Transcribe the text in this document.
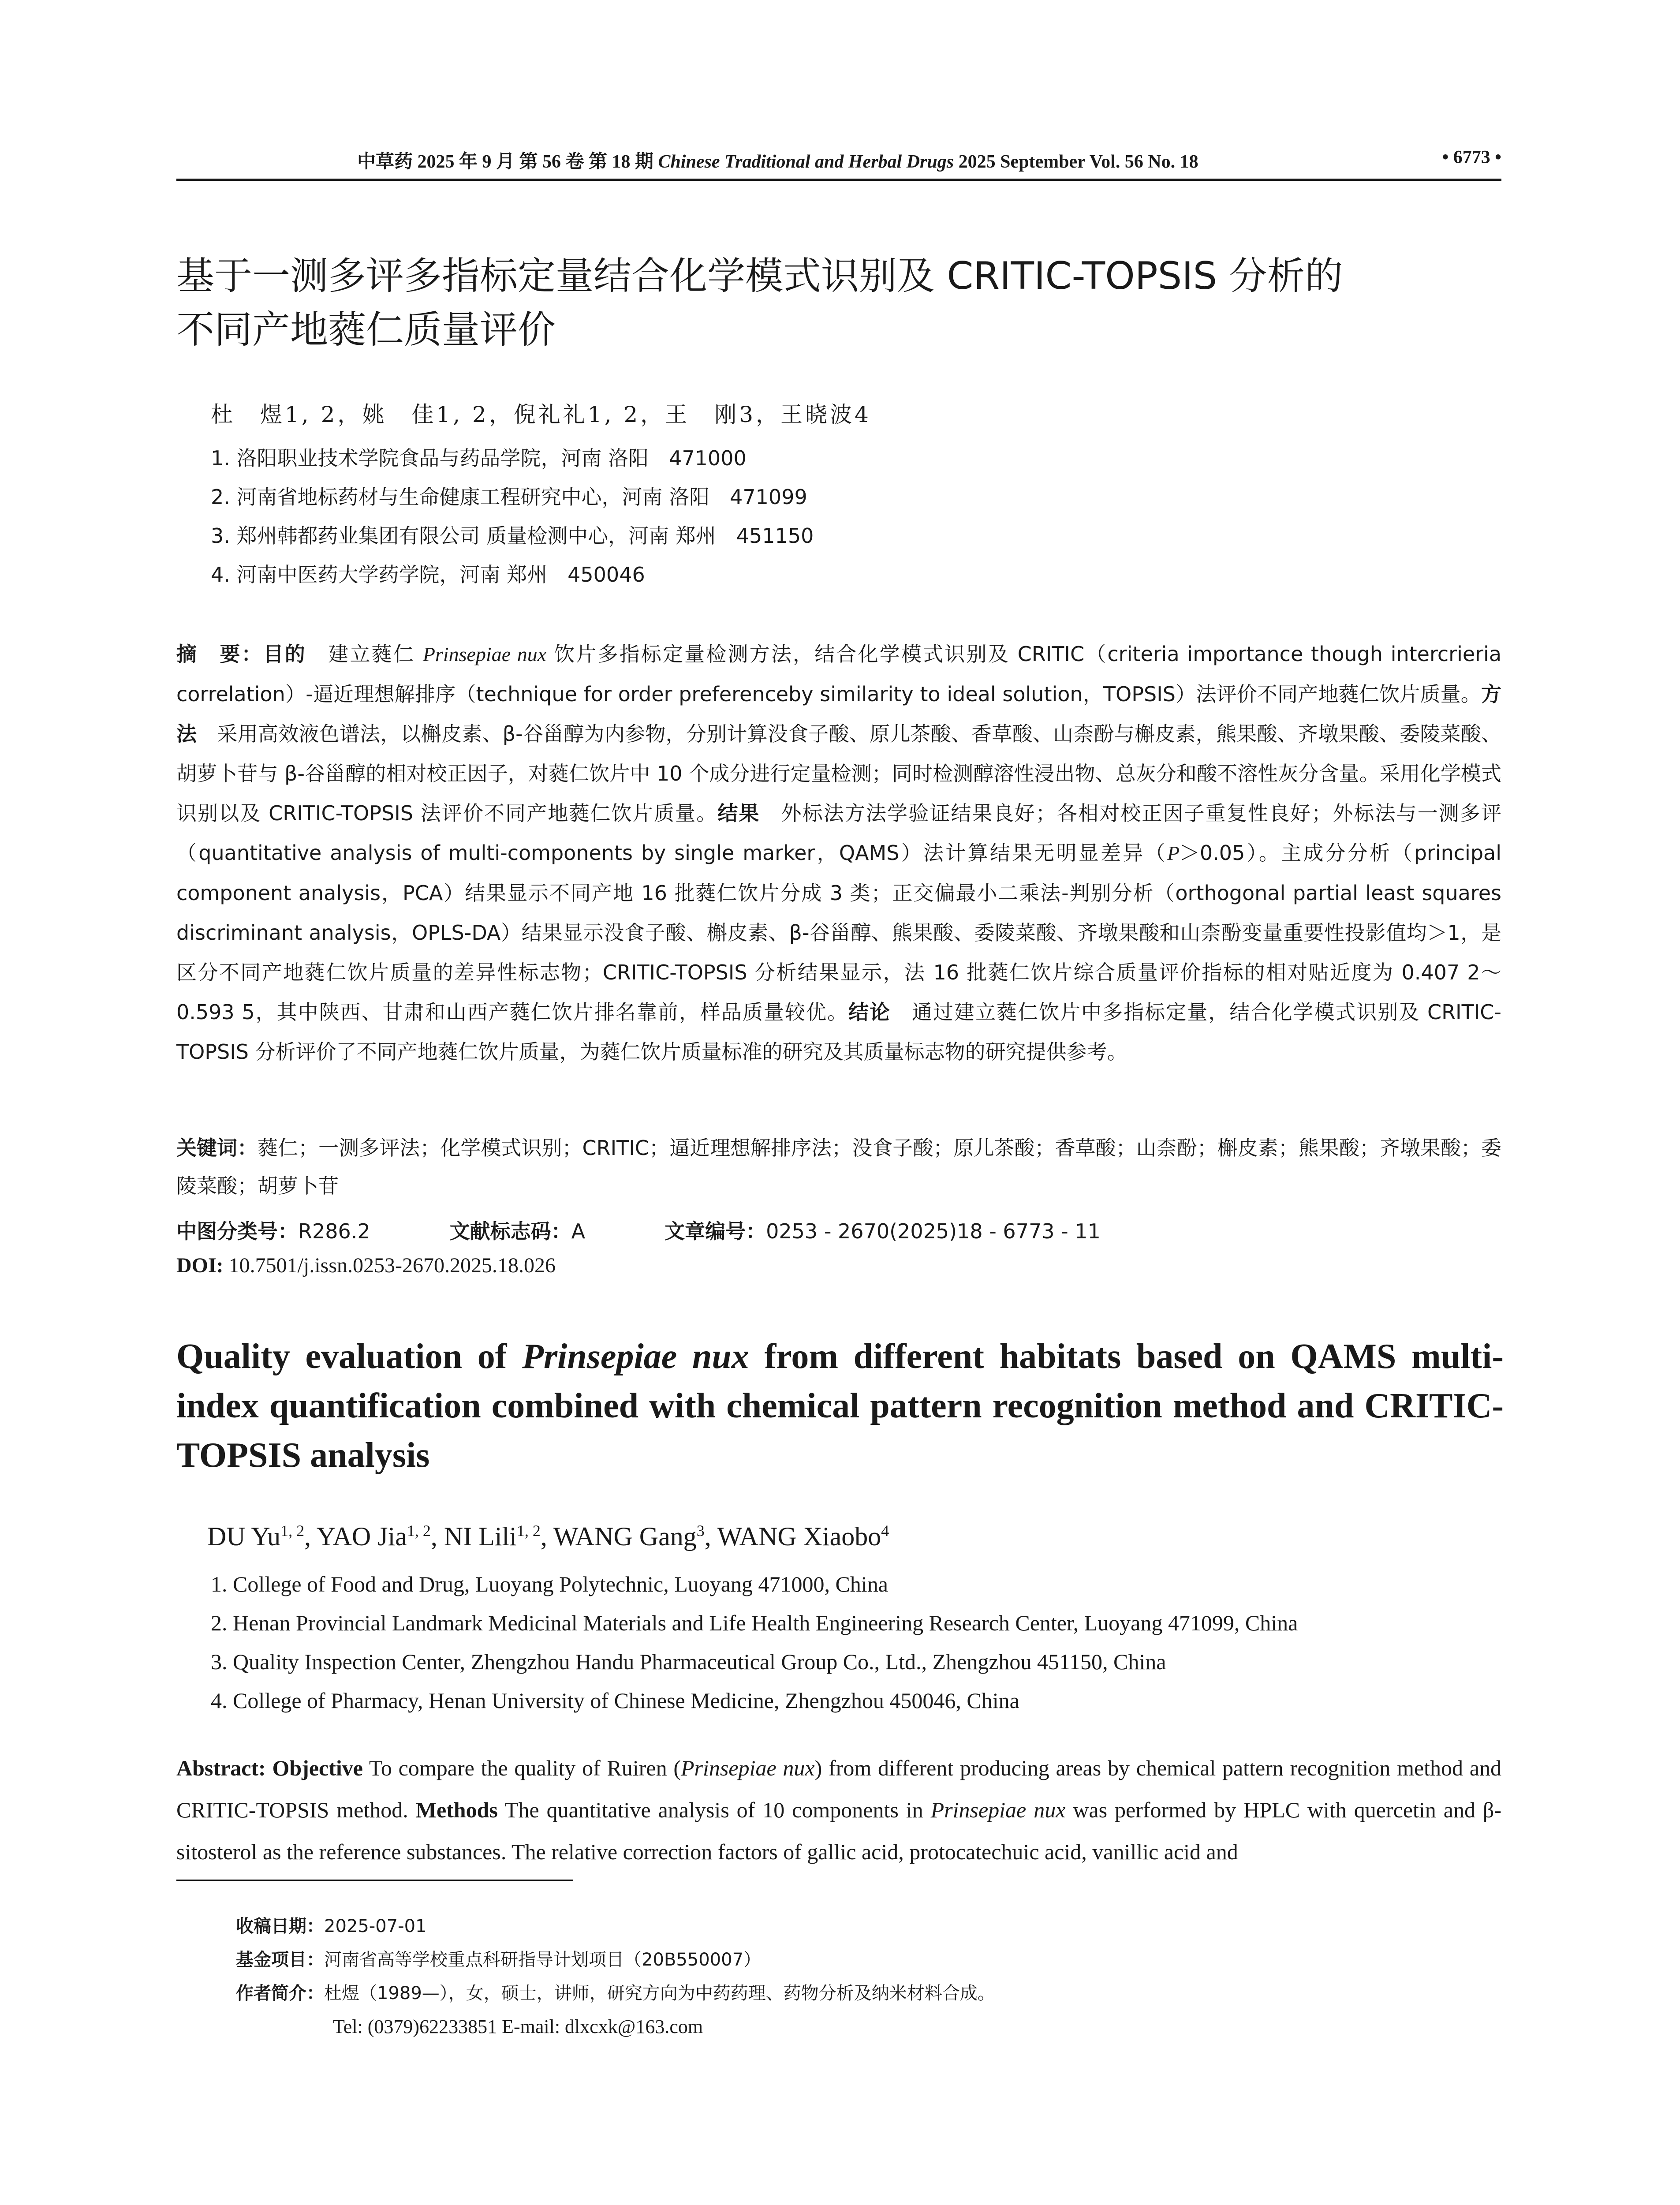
中草药 2025 年 9 月 第 56 卷 第 18 期 Chinese Traditional and Herbal Drugs 2025 September Vol. 56 No. 18	• 6773 •
基于一测多评多指标定量结合化学模式识别及 CRITIC-TOPSIS 分析的
不同产地蕤仁质量评价
杜　煜1, 2，姚　佳1, 2，倪礼礼1, 2，王　刚3，王晓波4
1. 洛阳职业技术学院食品与药品学院，河南 洛阳　471000
2. 河南省地标药材与生命健康工程研究中心，河南 洛阳　471099
3. 郑州韩都药业集团有限公司 质量检测中心，河南 郑州　451150
4. 河南中医药大学药学院，河南 郑州　450046
摘　要：目的　建立蕤仁 Prinsepiae nux 饮片多指标定量检测方法，结合化学模式识别及 CRITIC（criteria importance though intercrieria correlation）-逼近理想解排序（technique for order preferenceby similarity to ideal solution，TOPSIS）法评价不同产地蕤仁饮片质量。方法　采用高效液色谱法，以槲皮素、β-谷甾醇为内参物，分别计算没食子酸、原儿茶酸、香草酸、山柰酚与槲皮素，熊果酸、齐墩果酸、委陵菜酸、胡萝卜苷与 β-谷甾醇的相对校正因子，对蕤仁饮片中 10 个成分进行定量检测；同时检测醇溶性浸出物、总灰分和酸不溶性灰分含量。采用化学模式识别以及 CRITIC-TOPSIS 法评价不同产地蕤仁饮片质量。结果　外标法方法学验证结果良好；各相对校正因子重复性良好；外标法与一测多评（quantitative analysis of multi-components by single marker，QAMS）法计算结果无明显差异（P＞0.05）。主成分分析（principal component analysis，PCA）结果显示不同产地 16 批蕤仁饮片分成 3 类；正交偏最小二乘法-判别分析（orthogonal partial least squares discriminant analysis，OPLS-DA）结果显示没食子酸、槲皮素、β-谷甾醇、熊果酸、委陵菜酸、齐墩果酸和山柰酚变量重要性投影值均＞1，是区分不同产地蕤仁饮片质量的差异性标志物；CRITIC-TOPSIS 分析结果显示，法 16 批蕤仁饮片综合质量评价指标的相对贴近度为 0.407 2～0.593 5，其中陕西、甘肃和山西产蕤仁饮片排名靠前，样品质量较优。结论　通过建立蕤仁饮片中多指标定量，结合化学模式识别及 CRITIC-TOPSIS 分析评价了不同产地蕤仁饮片质量，为蕤仁饮片质量标准的研究及其质量标志物的研究提供参考。
关键词：蕤仁；一测多评法；化学模式识别；CRITIC；逼近理想解排序法；没食子酸；原儿茶酸；香草酸；山柰酚；槲皮素；熊果酸；齐墩果酸；委陵菜酸；胡萝卜苷
中图分类号：R286.2	文献标志码：A	文章编号：0253 - 2670(2025)18 - 6773 - 11
DOI: 10.7501/j.issn.0253-2670.2025.18.026
Quality evaluation of Prinsepiae nux from different habitats based on QAMS multi-index quantification combined with chemical pattern recognition method and CRITIC-TOPSIS analysis
DU Yu$^{1, 2}$, YAO Jia$^{1, 2}$, NI Lili$^{1, 2}$, WANG Gang$^3$, WANG Xiaobo$^4$
1. College of Food and Drug, Luoyang Polytechnic, Luoyang 471000, China
2. Henan Provincial Landmark Medicinal Materials and Life Health Engineering Research Center, Luoyang 471099, China
3. Quality Inspection Center, Zhengzhou Handu Pharmaceutical Group Co., Ltd., Zhengzhou 451150, China
4. College of Pharmacy, Henan University of Chinese Medicine, Zhengzhou 450046, China
Abstract: Objective To compare the quality of Ruiren (Prinsepiae nux) from different producing areas by chemical pattern recognition method and CRITIC-TOPSIS method. Methods The quantitative analysis of 10 components in Prinsepiae nux was performed by HPLC with quercetin and β-sitosterol as the reference substances. The relative correction factors of gallic acid, protocatechuic acid, vanillic acid and
收稿日期：2025-07-01
基金项目：河南省高等学校重点科研指导计划项目（20B550007）
作者简介：杜煜（1989—），女，硕士，讲师，研究方向为中药药理、药物分析及纳米材料合成。
Tel: (0379)62233851 E-mail: dlxcxk@163.com
